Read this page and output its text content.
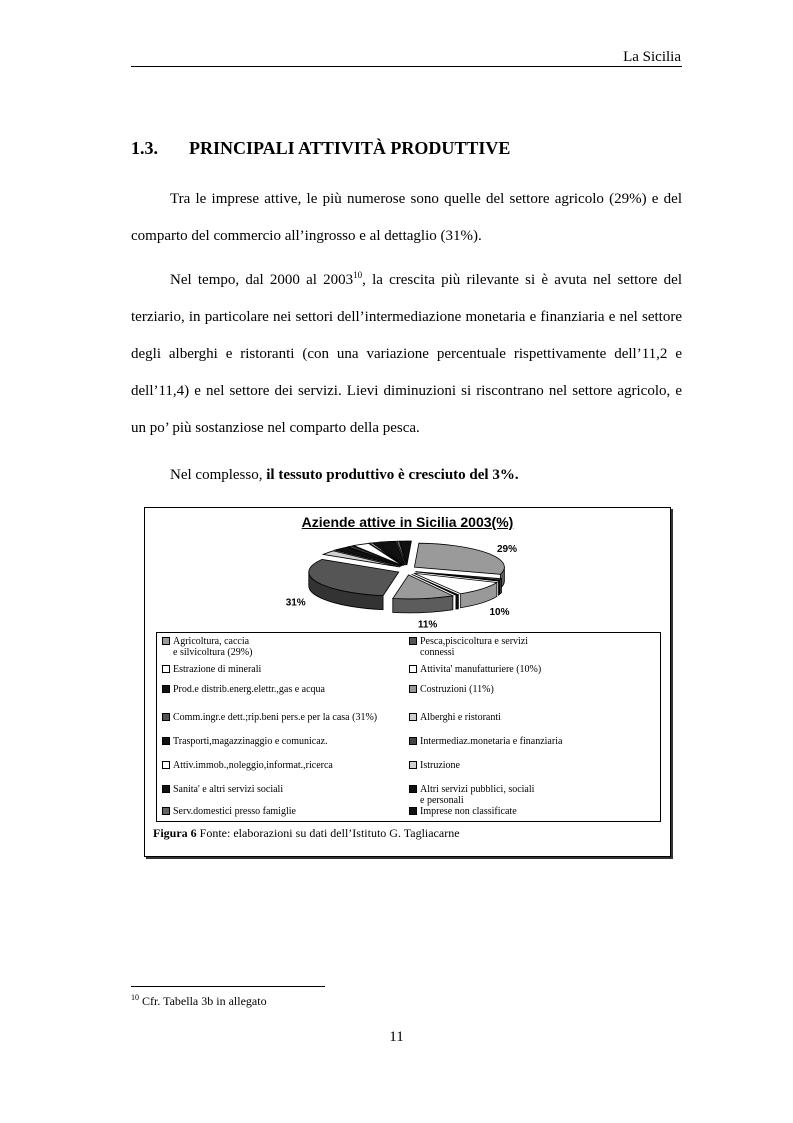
La Sicilia
1.3. PRINCIPALI ATTIVITÀ PRODUTTIVE

Tra le imprese attive, le più numerose sono quelle del settore agricolo (29%) e del comparto del commercio all’ingrosso e al dettaglio (31%).

Nel tempo, dal 2000 al 2003$^{10}$, la crescita più rilevante si è avuta nel settore del terziario, in particolare nei settori dell’intermediazione monetaria e finanziaria e nel settore degli alberghi e ristoranti (con una variazione percentuale rispettivamente dell’11,2 e dell’11,4) e nel settore dei servizi. Lievi diminuzioni si riscontrano nel settore agricolo, e un po’ più sostanziose nel comparto della pesca.

Nel complesso, il tessuto produttivo è cresciuto del 3%.

Aziende attive in Sicilia 2003(%)
29%
10%
11%
31%
Agricoltura, caccia
e silvicoltura (29%)
Pesca,piscicoltura e servizi
connessi
Estrazione di minerali	Attivita' manufatturiere (10%)
Prod.e distrib.energ.elettr.,gas e acqua	Costruzioni (11%)
Comm.ingr.e dett.;rip.beni pers.e per la casa (31%)	Alberghi e ristoranti
Trasporti,magazzinaggio e comunicaz.	Intermediaz.monetaria e finanziaria
Attiv.immob.,noleggio,informat.,ricerca	Istruzione
Sanita' e altri servizi sociali	Altri servizi pubblici, sociali
e personali
Serv.domestici presso famiglie	Imprese non classificate
Figura 6 Fonte: elaborazioni su dati dell’Istituto G. Tagliacarne
$^{10}$ Cfr. Tabella 3b in allegato
11
